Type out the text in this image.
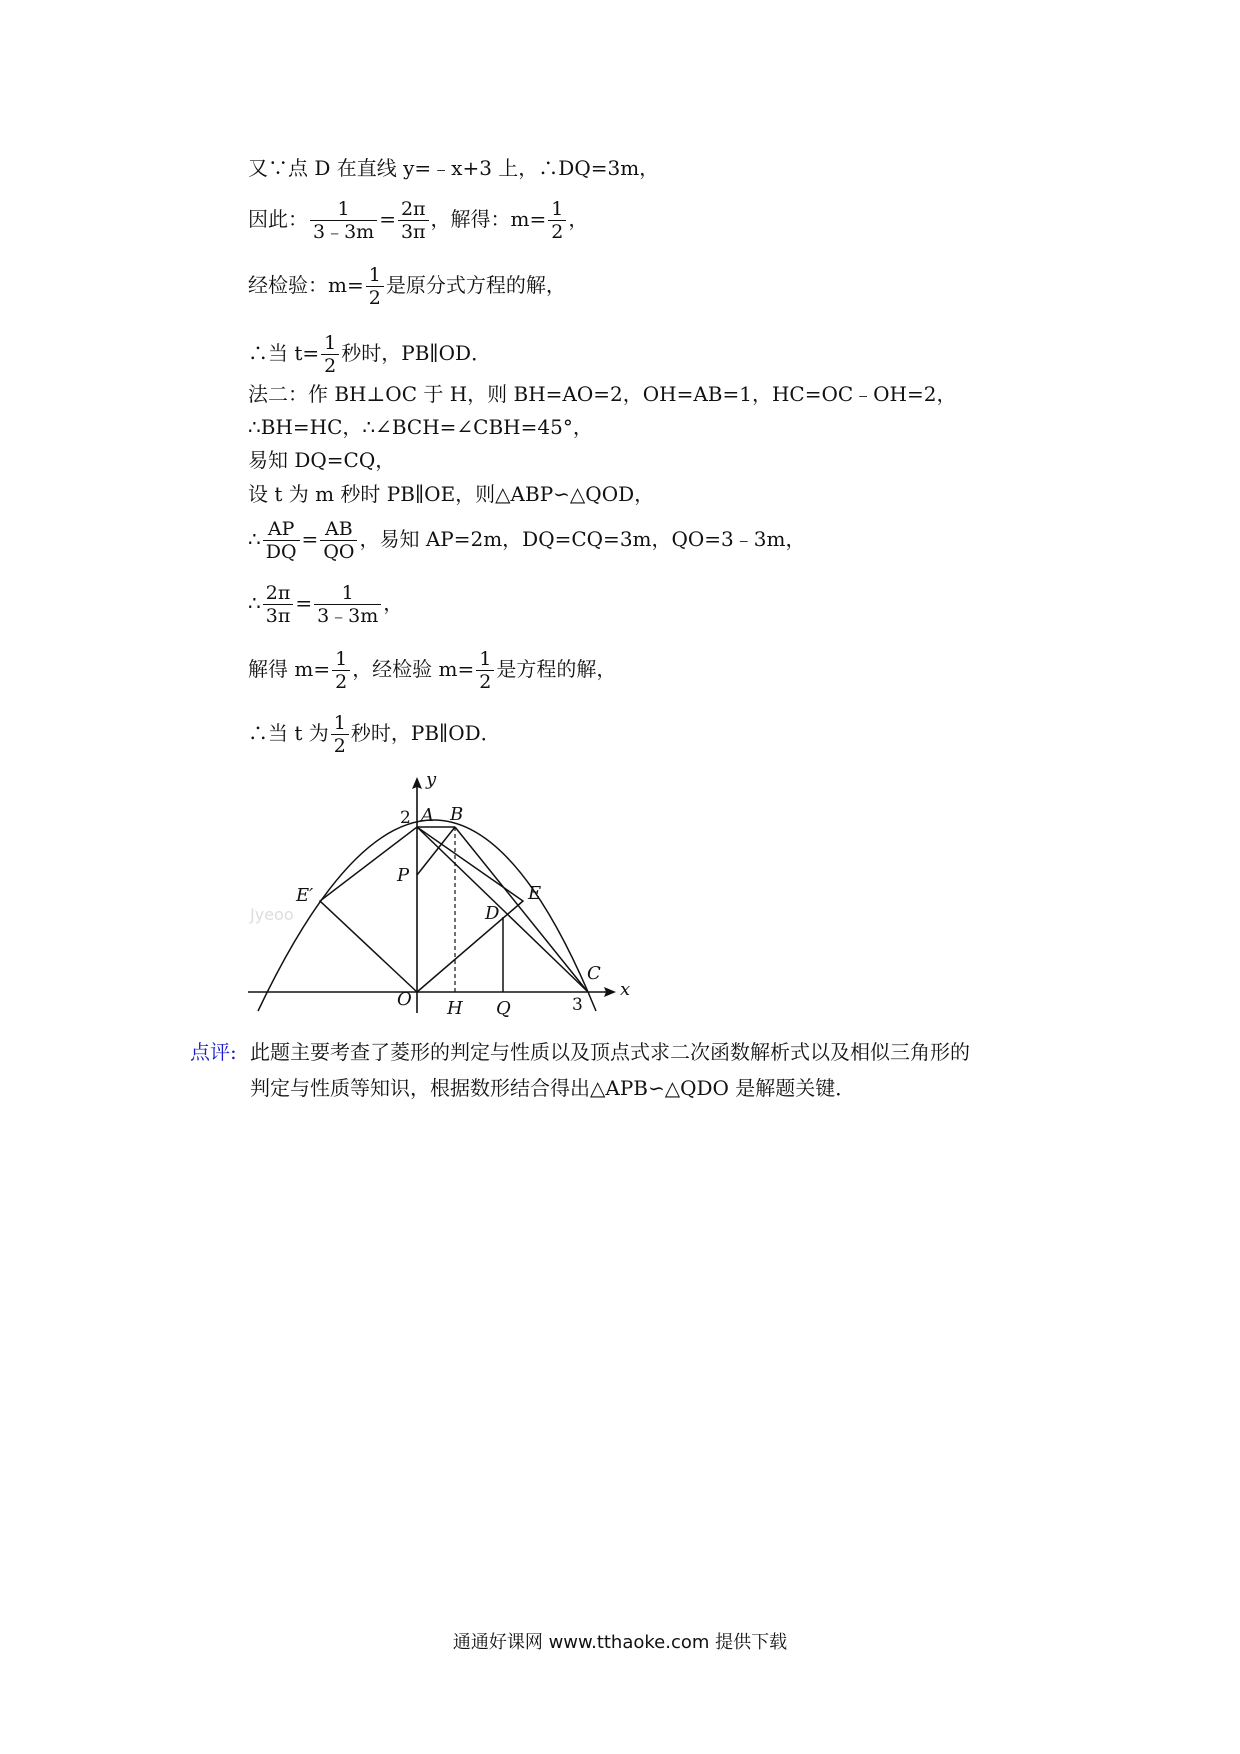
又∵点 D 在直线 y=﹣x+3 上，∴DQ=3m，
因此： $\frac{1}{3﹣3m} = \frac{2\pi}{3\pi}$ ，解得：$m= \frac{1}{2}$ ，
经检验：$m= \frac{1}{2}$ 是原分式方程的解，
∴当 $t= \frac{1}{2}$ 秒时，PB∥OD．
法二：作 BH⊥OC 于 H，则 BH=AO=2，OH=AB=1，HC=OC﹣OH=2，
∴BH=HC，∴∠BCH=∠CBH=45°，
易知 DQ=CQ，
设 t 为 m 秒时 PB∥OE，则△ABP∽△QOD，
∴ $\frac{AP}{DQ} = \frac{AB}{QO}$ ，易知 AP=2m，DQ=CQ=3m，QO=3﹣3m，
∴ $\frac{2\pi}{3\pi} = \frac{1}{3﹣3m}$ ，
解得 $m= \frac{1}{2}$ ，经检验 $m= \frac{1}{2}$ 是方程的解，
∴当 t 为 $\frac{1}{2}$ 秒时，PB∥OD．
Jyeoo
y
x
2 A B
P
E′	E
D
C
O H Q	3
点评: 此题主要考查了菱形的判定与性质以及顶点式求二次函数解析式以及相似三角形的
判定与性质等知识，根据数形结合得出△APB∽△QDO 是解题关键．
通通好课网 www.tthaoke.com 提供下载
